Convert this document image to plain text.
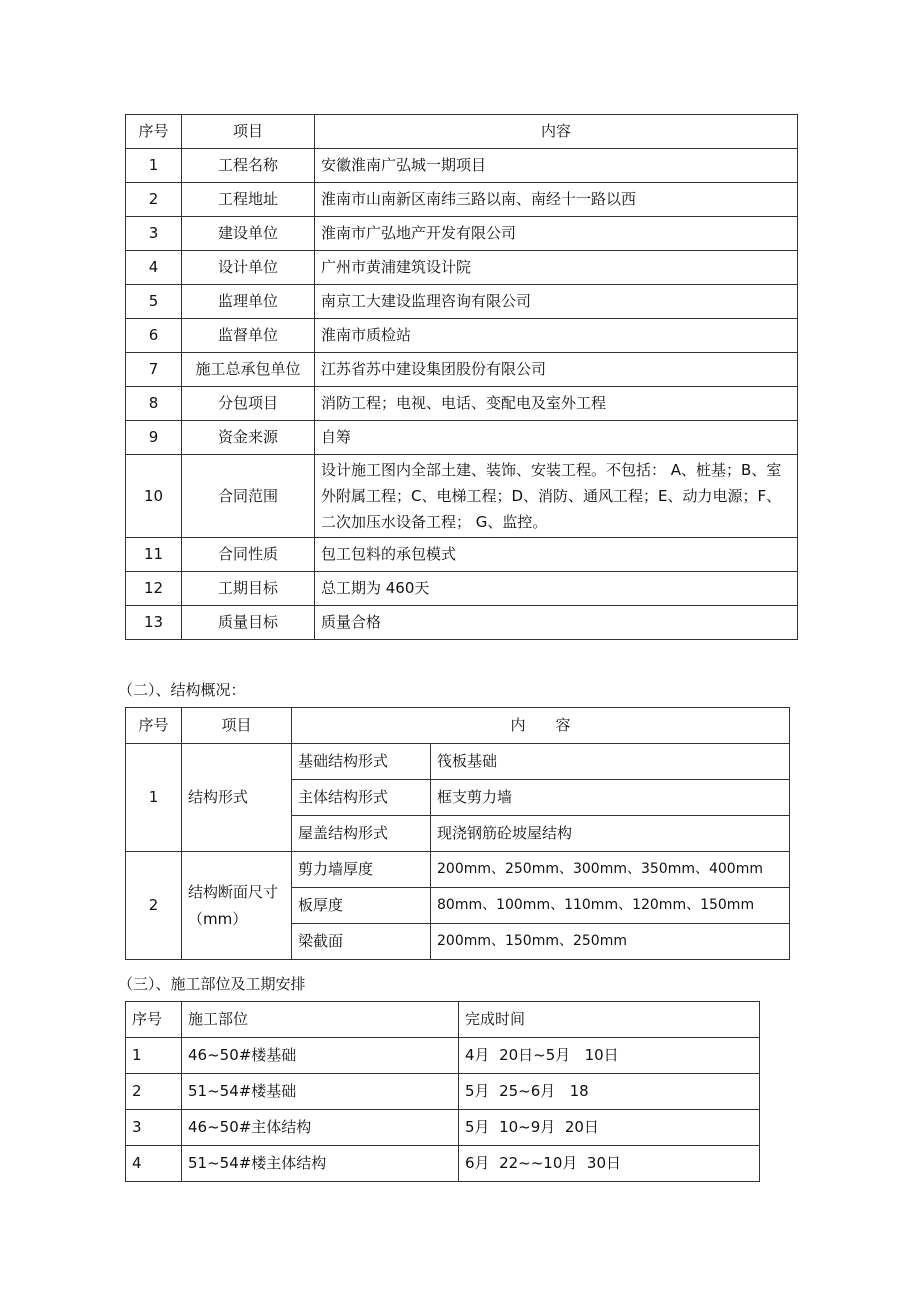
序号	项目	内容
1	工程名称	安徽淮南广弘城一期项目
2	工程地址	淮南市山南新区南纬三路以南、南经十一路以西
3	建设单位	淮南市广弘地产开发有限公司
4	设计单位	广州市黄浦建筑设计院
5	监理单位	南京工大建设监理咨询有限公司
6	监督单位	淮南市质检站
7	施工总承包单位	江苏省苏中建设集团股份有限公司
8	分包项目	消防工程；电视、电话、变配电及室外工程
9	资金来源	自筹
10	合同范围	设计施工图内全部土建、装饰、安装工程。不包括： A、桩基；B、室外附属工程；C、电梯工程；D、消防、通风工程；E、动力电源；F、二次加压水设备工程； G、监控。
11	合同性质	包工包料的承包模式
12	工期目标	总工期为 460天
13	质量目标	质量合格
（二）、结构概况：
序号	项目	内　　容	
1	结构形式	基础结构形式	筏板基础
		主体结构形式	框支剪力墙
		屋盖结构形式	现浇钢筋砼坡屋结构
2	结构断面尺寸（mm）	剪力墙厚度	200mm、250mm、300mm、350mm、400mm
		板厚度	80mm、100mm、110mm、120mm、150mm
		梁截面	200mm、150mm、250mm
（三）、施工部位及工期安排
序号	施工部位	完成时间
1	46~50#楼基础	4月  20日~5月   10日
2	51~54#楼基础	5月  25~6月   18
3	46~50#主体结构	5月  10~9月  20日
4	51~54#楼主体结构	6月  22~~10月  30日
